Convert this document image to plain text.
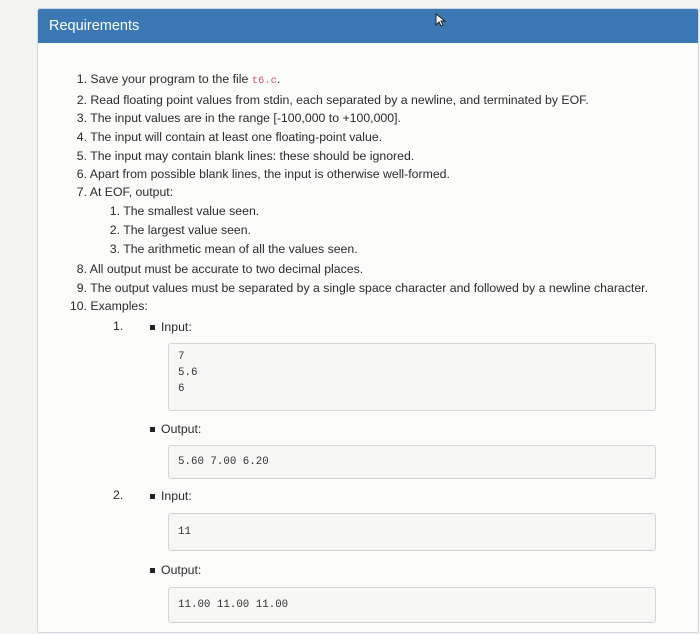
Requirements
1. Save your program to the file t6.c.
2. Read floating point values from stdin, each separated by a newline, and terminated by EOF.
3. The input values are in the range [-100,000 to +100,000].
4. The input will contain at least one floating-point value.
5. The input may contain blank lines: these should be ignored.
6. Apart from possible blank lines, the input is otherwise well-formed.
7. At EOF, output:
1. The smallest value seen.
2. The largest value seen.
3. The arithmetic mean of all the values seen.
8. All output must be accurate to two decimal places.
9. The output values must be separated by a single space character and followed by a newline character.
10. Examples:
1.	Input:
7
5.6
6
Output:
5.60 7.00 6.20
2.	Input:
11
Output:
11.00 11.00 11.00
